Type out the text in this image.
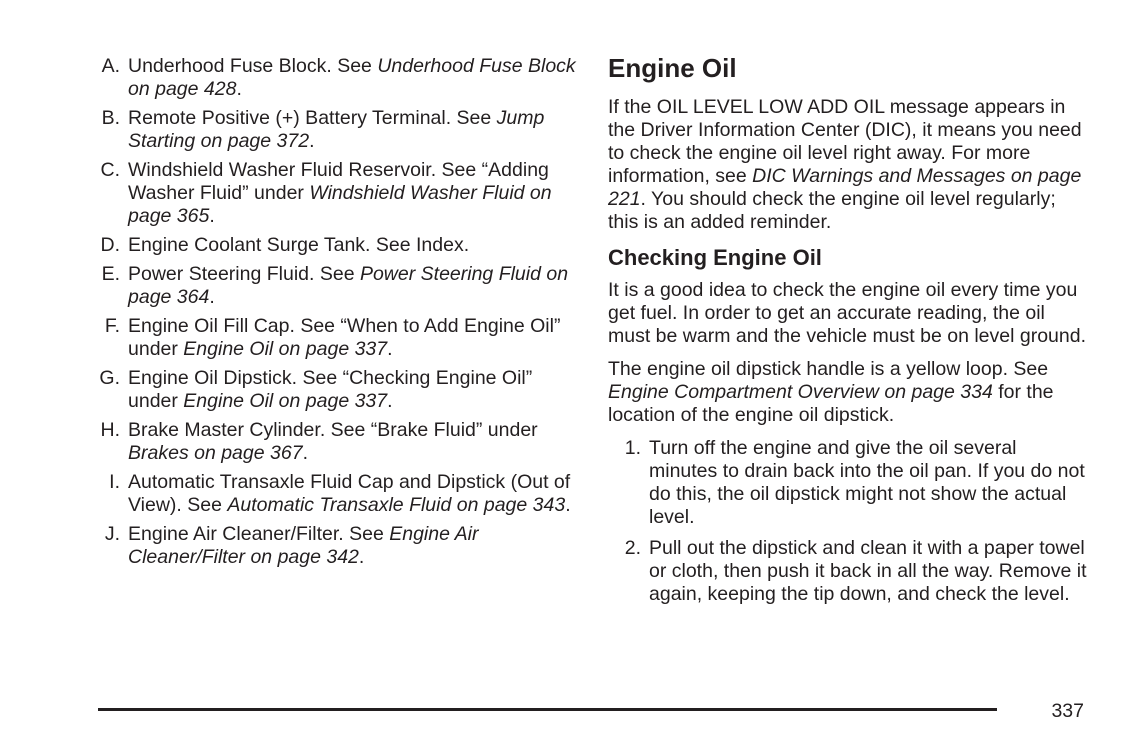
A. Underhood Fuse Block. See Underhood Fuse Block on page 428.
B. Remote Positive (+) Battery Terminal. See Jump Starting on page 372.
C. Windshield Washer Fluid Reservoir. See “Adding Washer Fluid” under Windshield Washer Fluid on page 365.
D. Engine Coolant Surge Tank. See Index.
E. Power Steering Fluid. See Power Steering Fluid on page 364.
F. Engine Oil Fill Cap. See “When to Add Engine Oil” under Engine Oil on page 337.
G. Engine Oil Dipstick. See “Checking Engine Oil” under Engine Oil on page 337.
H. Brake Master Cylinder. See “Brake Fluid” under Brakes on page 367.
I. Automatic Transaxle Fluid Cap and Dipstick (Out of View). See Automatic Transaxle Fluid on page 343.
J. Engine Air Cleaner/Filter. See Engine Air Cleaner/Filter on page 342.
Engine Oil

If the OIL LEVEL LOW ADD OIL message appears in the Driver Information Center (DIC), it means you need to check the engine oil level right away. For more information, see DIC Warnings and Messages on page 221. You should check the engine oil level regularly; this is an added reminder.

Checking Engine Oil

It is a good idea to check the engine oil every time you get fuel. In order to get an accurate reading, the oil must be warm and the vehicle must be on level ground.

The engine oil dipstick handle is a yellow loop. See Engine Compartment Overview on page 334 for the location of the engine oil dipstick.

1. Turn off the engine and give the oil several minutes to drain back into the oil pan. If you do not do this, the oil dipstick might not show the actual level.
2. Pull out the dipstick and clean it with a paper towel or cloth, then push it back in all the way. Remove it again, keeping the tip down, and check the level.
337
